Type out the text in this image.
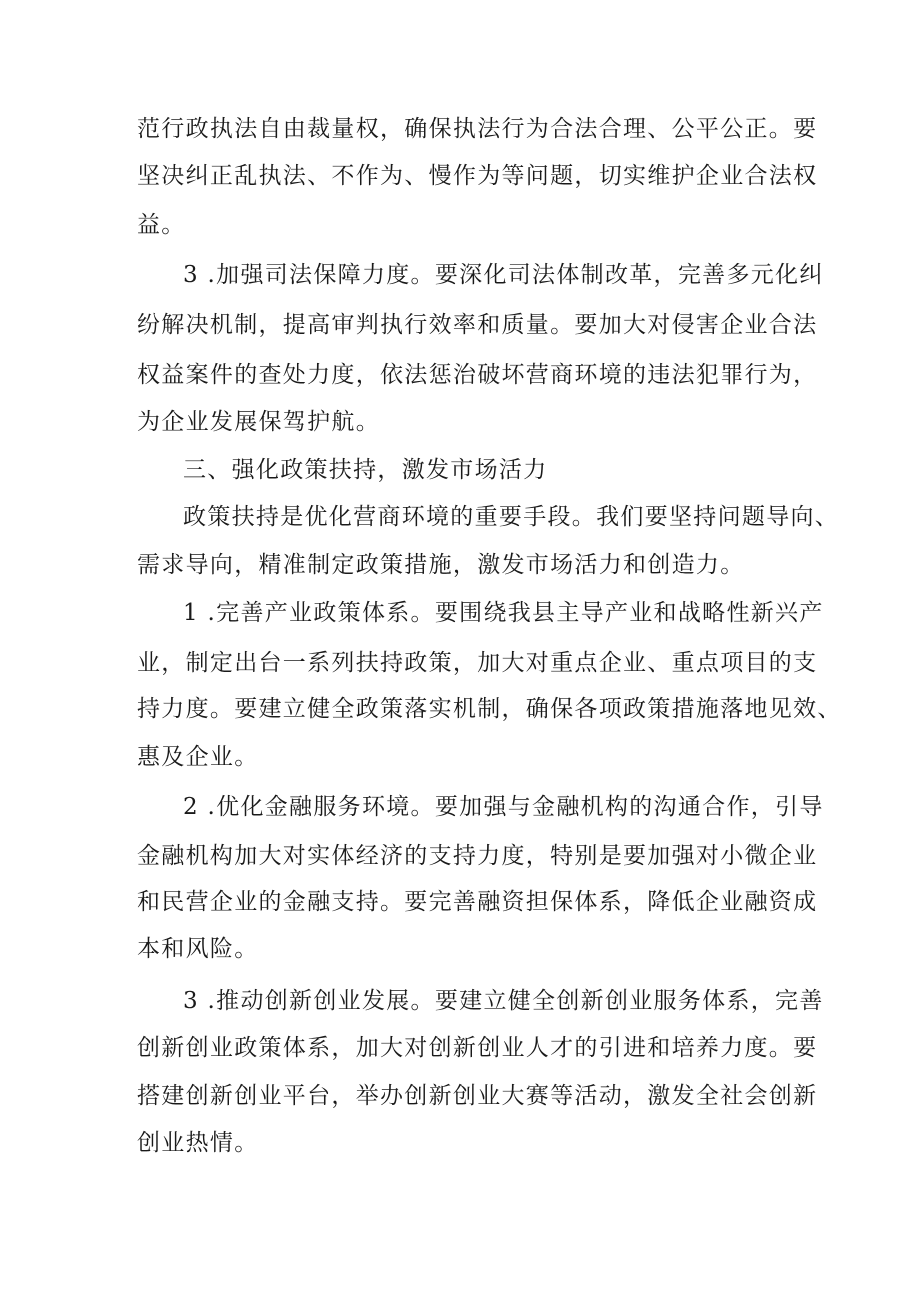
范行政执法自由裁量权，确保执法行为合法合理、公平公正。要
坚决纠正乱执法、不作为、慢作为等问题，切实维护企业合法权
益。
3 .加强司法保障力度。要深化司法体制改革，完善多元化纠
纷解决机制，提高审判执行效率和质量。要加大对侵害企业合法
权益案件的查处力度，依法惩治破坏营商环境的违法犯罪行为，
为企业发展保驾护航。
三、强化政策扶持，激发市场活力
政策扶持是优化营商环境的重要手段。我们要坚持问题导向、
需求导向，精准制定政策措施，激发市场活力和创造力。
1 .完善产业政策体系。要围绕我县主导产业和战略性新兴产
业，制定出台一系列扶持政策，加大对重点企业、重点项目的支
持力度。要建立健全政策落实机制，确保各项政策措施落地见效、
惠及企业。
2 .优化金融服务环境。要加强与金融机构的沟通合作，引导
金融机构加大对实体经济的支持力度，特别是要加强对小微企业
和民营企业的金融支持。要完善融资担保体系，降低企业融资成
本和风险。
3 .推动创新创业发展。要建立健全创新创业服务体系，完善
创新创业政策体系，加大对创新创业人才的引进和培养力度。要
搭建创新创业平台，举办创新创业大赛等活动，激发全社会创新
创业热情。
